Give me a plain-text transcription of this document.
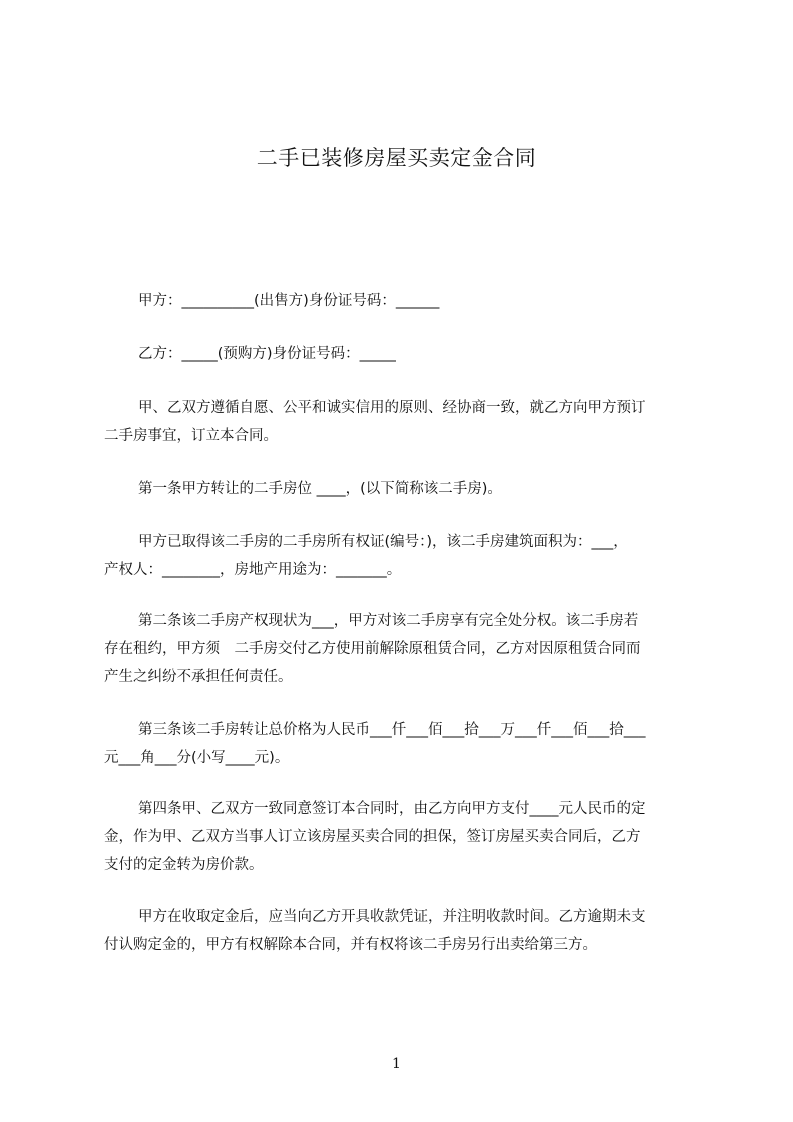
二手已装修房屋买卖定金合同
甲方：__________(出售方)身份证号码：______
乙方：_____(预购方)身份证号码：_____
甲、乙双方遵循自愿、公平和诚实信用的原则、经协商一致，就乙方向甲方预订
二手房事宜，订立本合同。
第一条甲方转让的二手房位 ____，(以下简称该二手房)。
甲方已取得该二手房的二手房所有权证(编号：)，该二手房建筑面积为：___，
产权人：________，房地产用途为：_______。
第二条该二手房产权现状为___，甲方对该二手房享有完全处分权。该二手房若
存在租约，甲方须　二手房交付乙方使用前解除原租赁合同，乙方对因原租赁合同而
产生之纠纷不承担任何责任。
第三条该二手房转让总价格为人民币___仟___佰___拾___万___仟___佰___拾___
元___角___分(小写____元)。
第四条甲、乙双方一致同意签订本合同时，由乙方向甲方支付____元人民币的定
金，作为甲、乙双方当事人订立该房屋买卖合同的担保，签订房屋买卖合同后，乙方
支付的定金转为房价款。
甲方在收取定金后，应当向乙方开具收款凭证，并注明收款时间。乙方逾期未支
付认购定金的，甲方有权解除本合同，并有权将该二手房另行出卖给第三方。
1
